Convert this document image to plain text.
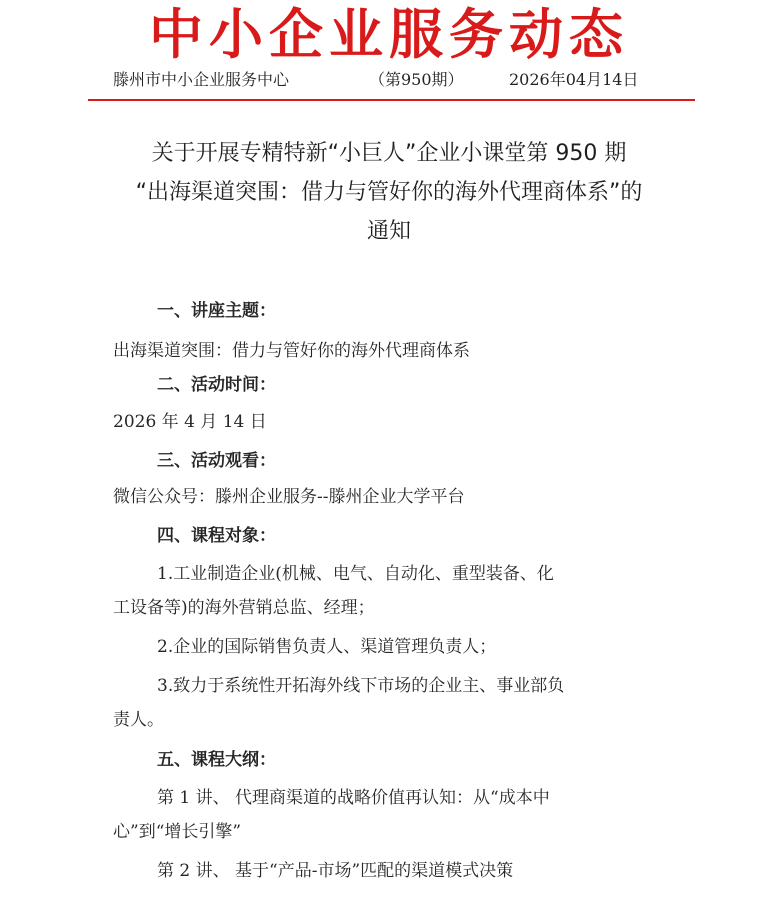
中小企业服务动态
滕州市中小企业服务中心	（第950期）	2026年04月14日
关于开展专精特新“小巨人”企业小课堂第 950 期
“出海渠道突围：借力与管好你的海外代理商体系”的
通知
一、讲座主题：
出海渠道突围：借力与管好你的海外代理商体系
二、活动时间：
2026 年 4 月 14 日
三、活动观看：
微信公众号：滕州企业服务--滕州企业大学平台
四、课程对象：
1.工业制造企业(机械、电气、自动化、重型装备、化
工设备等)的海外营销总监、经理；
2.企业的国际销售负责人、渠道管理负责人；
3.致力于系统性开拓海外线下市场的企业主、事业部负
责人。
五、课程大纲：
第 1 讲、 代理商渠道的战略价值再认知：从“成本中
心”到“增长引擎”
第 2 讲、 基于“产品-市场”匹配的渠道模式决策
